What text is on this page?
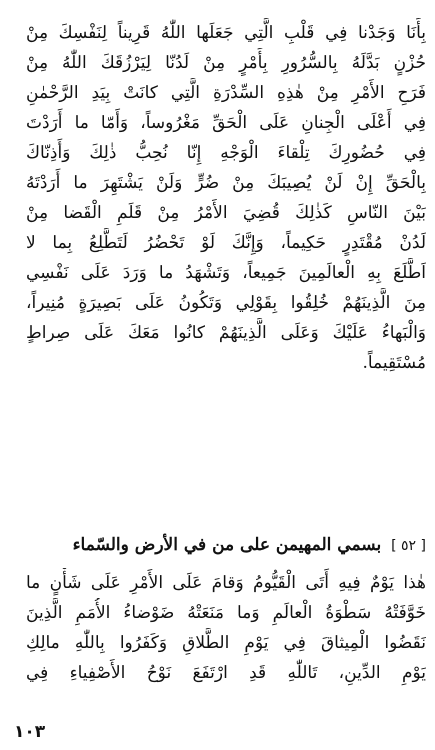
بِأَنَا وَجَدْنا فِي قَلْبِ الَّتِي جَعَلَها اللّٰهُ قَرِيناً لِنَفْسِكَ مِنْ
حُزْنٍ بَدَّلَهُ بِالسُّرُورِ بِأَمْرٍ مِنْ لَدُنّا لِيَرْزُقَكَ اللّٰهُ مِنْ
فَرَحِ الأَمْرِ مِنْ هٰذِهِ السِّدْرَةِ الَّتِي كانَتْ بِيَدِ الرَّحْمٰنِ
فِي أَعْلَى الْجِنانِ عَلَى الْحَقِّ مَغْرُوساً، وَأَمّا ما أَرَدْتَ
فِي حُضُورِكَ تِلْقاءَ الْوَجْهِ إِنّا نُحِبُّ ذٰلِكَ وَأَذِنّاكَ
بِالْحَقِّ إِنْ لَنْ يُصِيبَكَ مِنْ ضُرٍّ وَلَنْ يَشْتَهِرَ ما أَرَدْتَهُ
بَيْنَ النّاسِ كَذٰلِكَ قُضِيَ الأَمْرُ مِنْ قَلَمِ الْقَضا مِنْ
لَدُنْ مُقْتَدِرٍ حَكِيماً، وَإِنَّكَ لَوْ تَحْضُرُ لَتَطَّلِعُ بِما لا
اَطَّلَعَ بِهِ الْعالَمِينَ جَمِيعاً، وَتَشْهَدُ ما وَرَدَ عَلَى نَفْسِي
مِنَ الَّذِينَهُمْ خُلِقُوا بِقَوْلِي وَتَكُونُ عَلَى بَصِيرَةٍ مُنِيراً،
وَالْبَهاءُ عَلَيْكَ وَعَلَى الَّذِينَهُمْ كانُوا مَعَكَ عَلَى صِراطٍ
مُسْتَقِيماً.
[ ٥٢ ] بسمي المهيمن على من في الأرض والسّماء
هٰذا يَوْمٌ فِيهِ أَتَى الْقَيُّومُ وَقامَ عَلَى الأَمْرِ عَلَى شَأْنٍ ما
خَوَّفَتْهُ سَطْوَةُ الْعالَمِ وَما مَنَعَتْهُ ضَوْضاءُ الأُمَمِ الَّذِينَ
نَقَضُوا الْمِيثاقَ فِي يَوْمِ الطَّلاقِ وَكَفَرُوا بِاللّٰهِ مالِكِ
يَوْمِ الدِّينِ، تَاللّٰهِ قَدِ ارْتَفَعَ نَوْحُ الأَصْفِياءِ فِي
١٠٣
